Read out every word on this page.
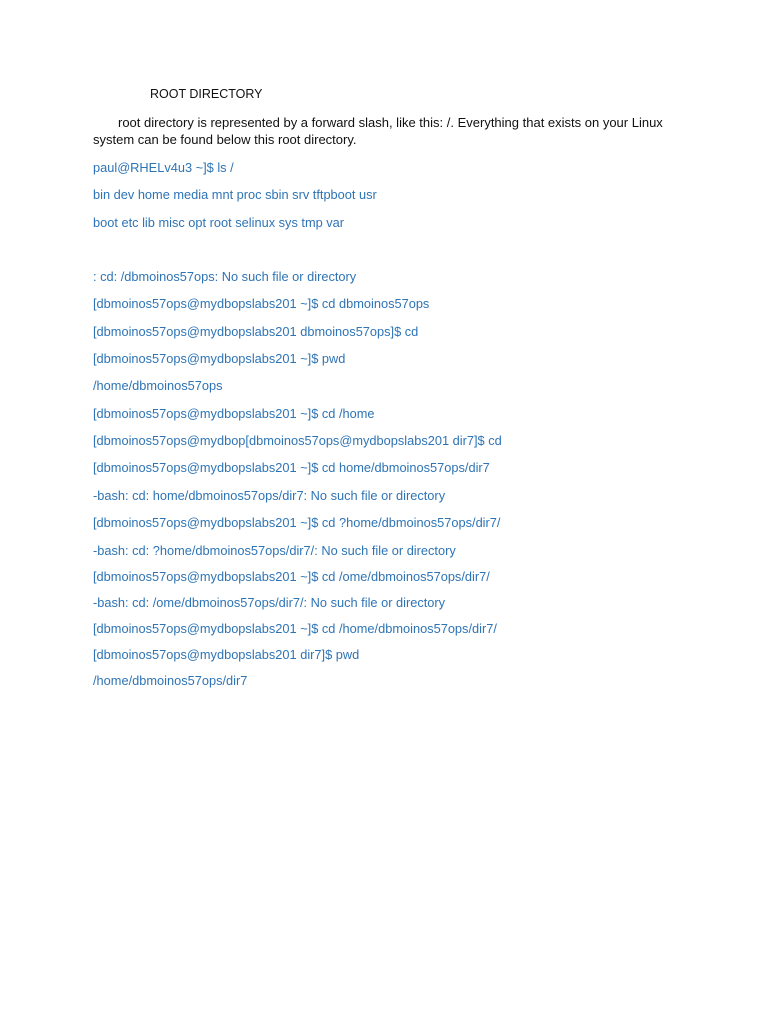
ROOT DIRECTORY
root directory is represented by a forward slash, like this: /. Everything that exists on your Linux system can be found below this root directory.
paul@RHELv4u3 ~]$ ls /
bin dev home media mnt proc sbin srv tftpboot usr
boot etc lib misc opt root selinux sys tmp var
: cd: /dbmoinos57ops: No such file or directory
[dbmoinos57ops@mydbopslabs201 ~]$ cd dbmoinos57ops
[dbmoinos57ops@mydbopslabs201 dbmoinos57ops]$ cd
[dbmoinos57ops@mydbopslabs201 ~]$ pwd
/home/dbmoinos57ops
[dbmoinos57ops@mydbopslabs201 ~]$ cd /home
[dbmoinos57ops@mydbop[dbmoinos57ops@mydbopslabs201 dir7]$ cd
[dbmoinos57ops@mydbopslabs201 ~]$ cd home/dbmoinos57ops/dir7
-bash: cd: home/dbmoinos57ops/dir7: No such file or directory
[dbmoinos57ops@mydbopslabs201 ~]$ cd ?home/dbmoinos57ops/dir7/
-bash: cd: ?home/dbmoinos57ops/dir7/: No such file or directory
[dbmoinos57ops@mydbopslabs201 ~]$ cd /ome/dbmoinos57ops/dir7/
-bash: cd: /ome/dbmoinos57ops/dir7/: No such file or directory
[dbmoinos57ops@mydbopslabs201 ~]$ cd /home/dbmoinos57ops/dir7/
[dbmoinos57ops@mydbopslabs201 dir7]$ pwd
/home/dbmoinos57ops/dir7
